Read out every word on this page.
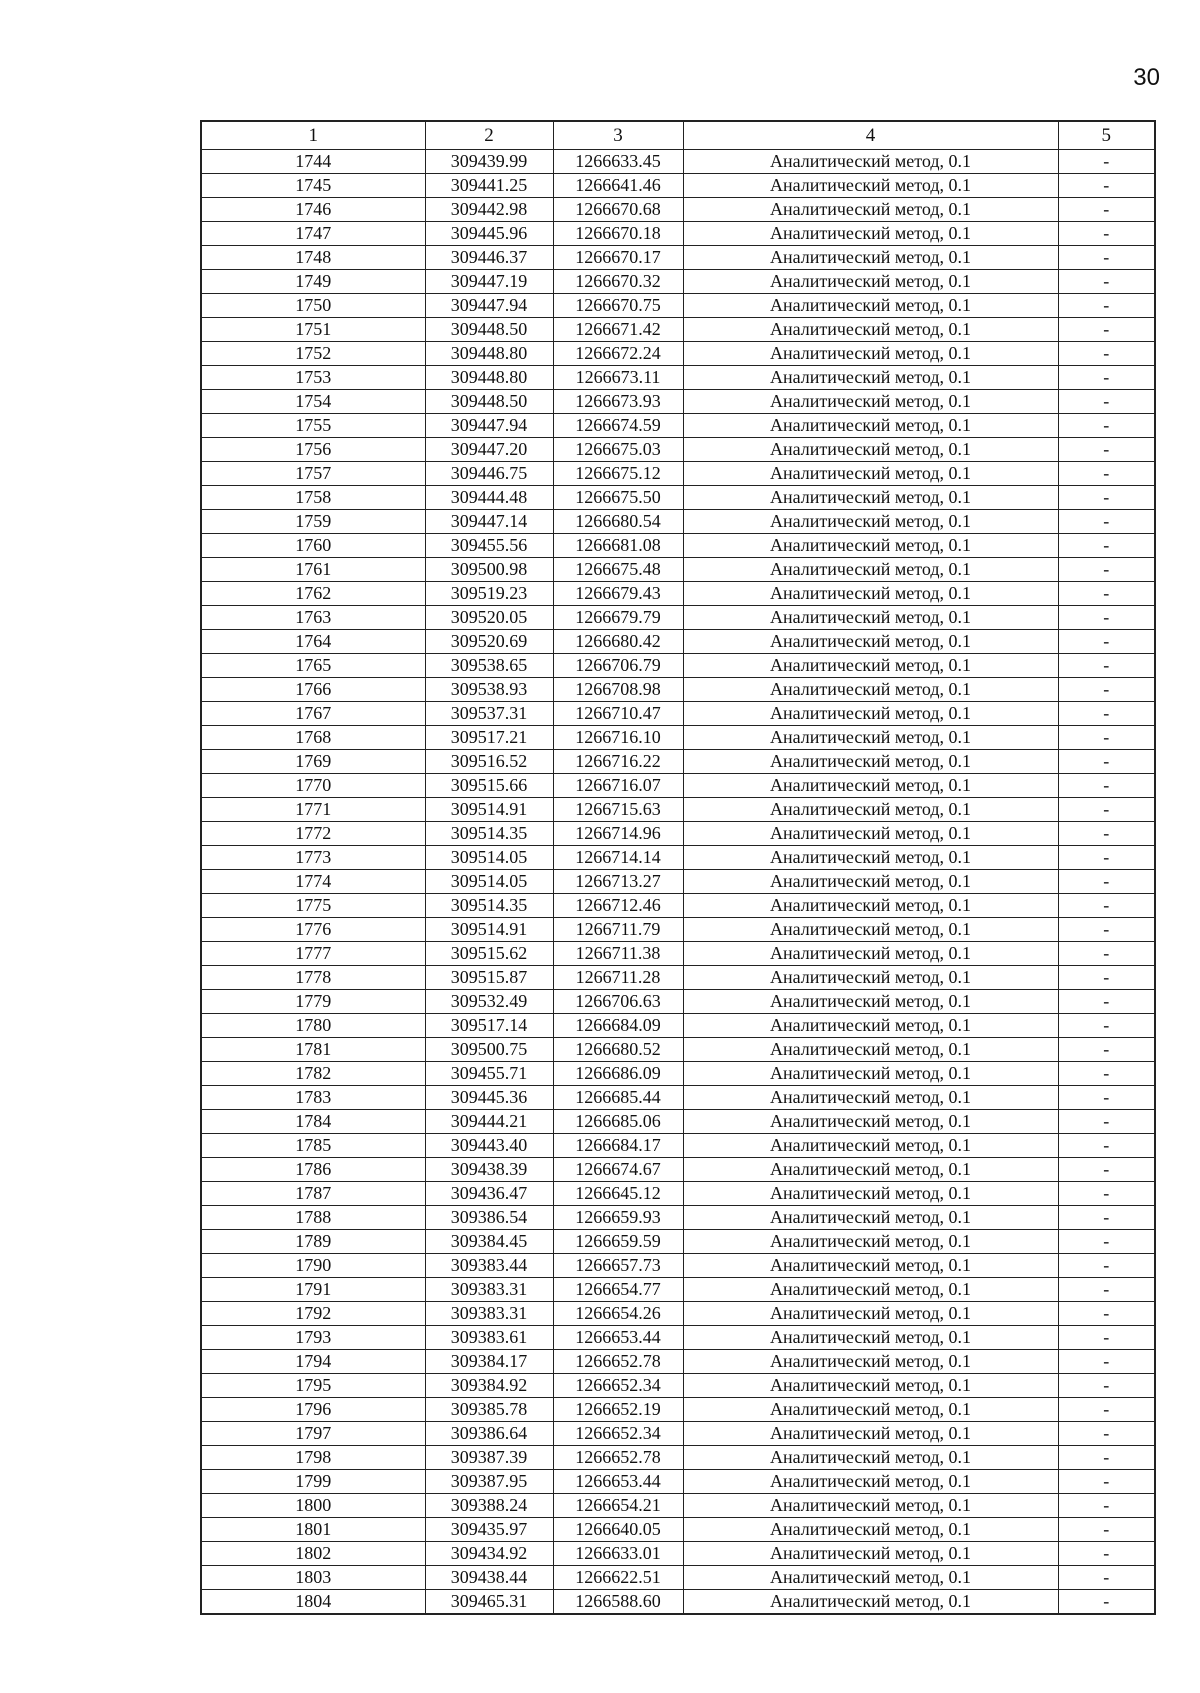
30
1	2	3	4	5
1744	309439.99	1266633.45	Аналитический метод, 0.1	-
1745	309441.25	1266641.46	Аналитический метод, 0.1	-
1746	309442.98	1266670.68	Аналитический метод, 0.1	-
1747	309445.96	1266670.18	Аналитический метод, 0.1	-
1748	309446.37	1266670.17	Аналитический метод, 0.1	-
1749	309447.19	1266670.32	Аналитический метод, 0.1	-
1750	309447.94	1266670.75	Аналитический метод, 0.1	-
1751	309448.50	1266671.42	Аналитический метод, 0.1	-
1752	309448.80	1266672.24	Аналитический метод, 0.1	-
1753	309448.80	1266673.11	Аналитический метод, 0.1	-
1754	309448.50	1266673.93	Аналитический метод, 0.1	-
1755	309447.94	1266674.59	Аналитический метод, 0.1	-
1756	309447.20	1266675.03	Аналитический метод, 0.1	-
1757	309446.75	1266675.12	Аналитический метод, 0.1	-
1758	309444.48	1266675.50	Аналитический метод, 0.1	-
1759	309447.14	1266680.54	Аналитический метод, 0.1	-
1760	309455.56	1266681.08	Аналитический метод, 0.1	-
1761	309500.98	1266675.48	Аналитический метод, 0.1	-
1762	309519.23	1266679.43	Аналитический метод, 0.1	-
1763	309520.05	1266679.79	Аналитический метод, 0.1	-
1764	309520.69	1266680.42	Аналитический метод, 0.1	-
1765	309538.65	1266706.79	Аналитический метод, 0.1	-
1766	309538.93	1266708.98	Аналитический метод, 0.1	-
1767	309537.31	1266710.47	Аналитический метод, 0.1	-
1768	309517.21	1266716.10	Аналитический метод, 0.1	-
1769	309516.52	1266716.22	Аналитический метод, 0.1	-
1770	309515.66	1266716.07	Аналитический метод, 0.1	-
1771	309514.91	1266715.63	Аналитический метод, 0.1	-
1772	309514.35	1266714.96	Аналитический метод, 0.1	-
1773	309514.05	1266714.14	Аналитический метод, 0.1	-
1774	309514.05	1266713.27	Аналитический метод, 0.1	-
1775	309514.35	1266712.46	Аналитический метод, 0.1	-
1776	309514.91	1266711.79	Аналитический метод, 0.1	-
1777	309515.62	1266711.38	Аналитический метод, 0.1	-
1778	309515.87	1266711.28	Аналитический метод, 0.1	-
1779	309532.49	1266706.63	Аналитический метод, 0.1	-
1780	309517.14	1266684.09	Аналитический метод, 0.1	-
1781	309500.75	1266680.52	Аналитический метод, 0.1	-
1782	309455.71	1266686.09	Аналитический метод, 0.1	-
1783	309445.36	1266685.44	Аналитический метод, 0.1	-
1784	309444.21	1266685.06	Аналитический метод, 0.1	-
1785	309443.40	1266684.17	Аналитический метод, 0.1	-
1786	309438.39	1266674.67	Аналитический метод, 0.1	-
1787	309436.47	1266645.12	Аналитический метод, 0.1	-
1788	309386.54	1266659.93	Аналитический метод, 0.1	-
1789	309384.45	1266659.59	Аналитический метод, 0.1	-
1790	309383.44	1266657.73	Аналитический метод, 0.1	-
1791	309383.31	1266654.77	Аналитический метод, 0.1	-
1792	309383.31	1266654.26	Аналитический метод, 0.1	-
1793	309383.61	1266653.44	Аналитический метод, 0.1	-
1794	309384.17	1266652.78	Аналитический метод, 0.1	-
1795	309384.92	1266652.34	Аналитический метод, 0.1	-
1796	309385.78	1266652.19	Аналитический метод, 0.1	-
1797	309386.64	1266652.34	Аналитический метод, 0.1	-
1798	309387.39	1266652.78	Аналитический метод, 0.1	-
1799	309387.95	1266653.44	Аналитический метод, 0.1	-
1800	309388.24	1266654.21	Аналитический метод, 0.1	-
1801	309435.97	1266640.05	Аналитический метод, 0.1	-
1802	309434.92	1266633.01	Аналитический метод, 0.1	-
1803	309438.44	1266622.51	Аналитический метод, 0.1	-
1804	309465.31	1266588.60	Аналитический метод, 0.1	-
